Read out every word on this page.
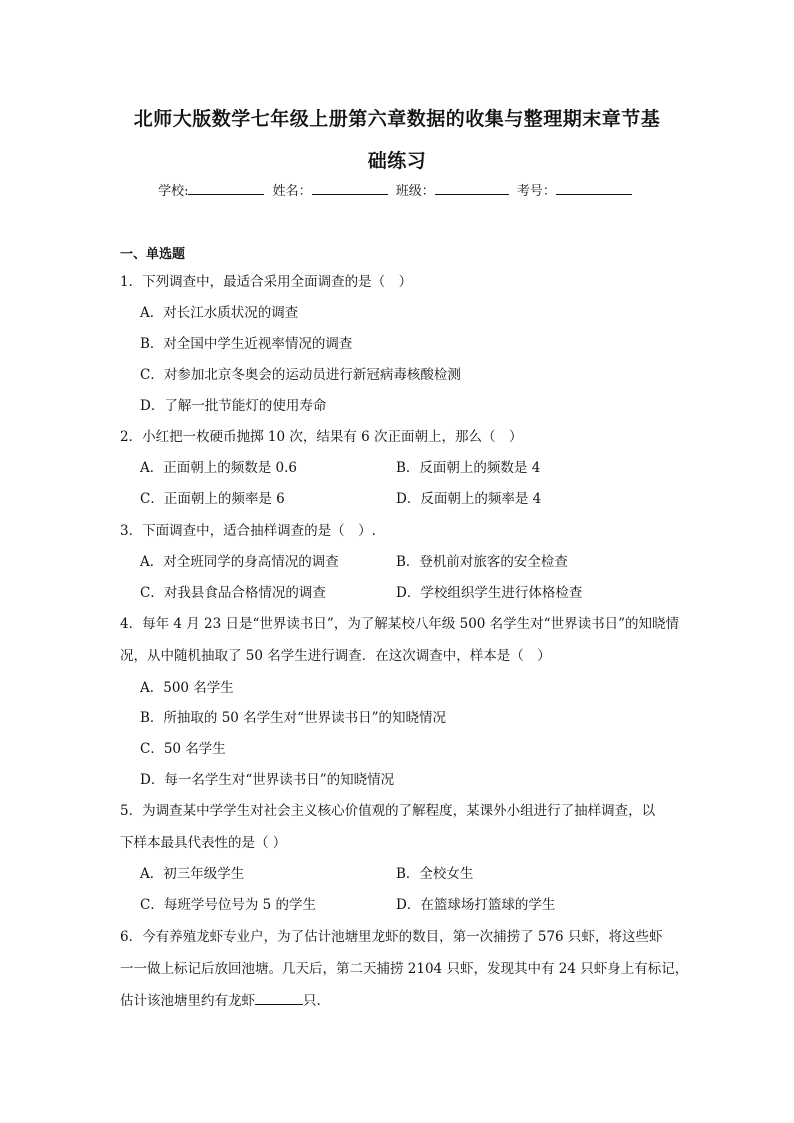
北师大版数学七年级上册第六章数据的收集与整理期末章节基
础练习
学校:	姓名：	班级：	考号：
一、单选题
1．下列调查中，最适合采用全面调查的是（　）
A．对长江水质状况的调查
B．对全国中学生近视率情况的调查
C．对参加北京冬奥会的运动员进行新冠病毒核酸检测
D．了解一批节能灯的使用寿命
2．小红把一枚硬币抛掷 10 次，结果有 6 次正面朝上，那么（　）
A．正面朝上的频数是 0.6	B．反面朝上的频数是 4
C．正面朝上的频率是 6	D．反面朝上的频率是 4
3．下面调查中，适合抽样调查的是（　）.
A．对全班同学的身高情况的调查	B．登机前对旅客的安全检查
C．对我县食品合格情况的调查	D．学校组织学生进行体格检查
4．每年 4 月 23 日是“世界读书日”，为了解某校八年级 500 名学生对“世界读书日”的知晓情
况，从中随机抽取了 50 名学生进行调查．在这次调查中，样本是（　）
A．500 名学生
B．所抽取的 50 名学生对“世界读书日”的知晓情况
C．50 名学生
D．每一名学生对“世界读书日”的知晓情况
5．为调查某中学学生对社会主义核心价值观的了解程度，某课外小组进行了抽样调查，以
下样本最具代表性的是（ ）
A．初三年级学生	B．全校女生
C．每班学号位号为 5 的学生	D．在篮球场打篮球的学生
6．今有养殖龙虾专业户，为了估计池塘里龙虾的数目，第一次捕捞了 576 只虾，将这些虾
一一做上标记后放回池塘。几天后，第二天捕捞 2104 只虾，发现其中有 24 只虾身上有标记，
估计该池塘里约有龙虾	只.
